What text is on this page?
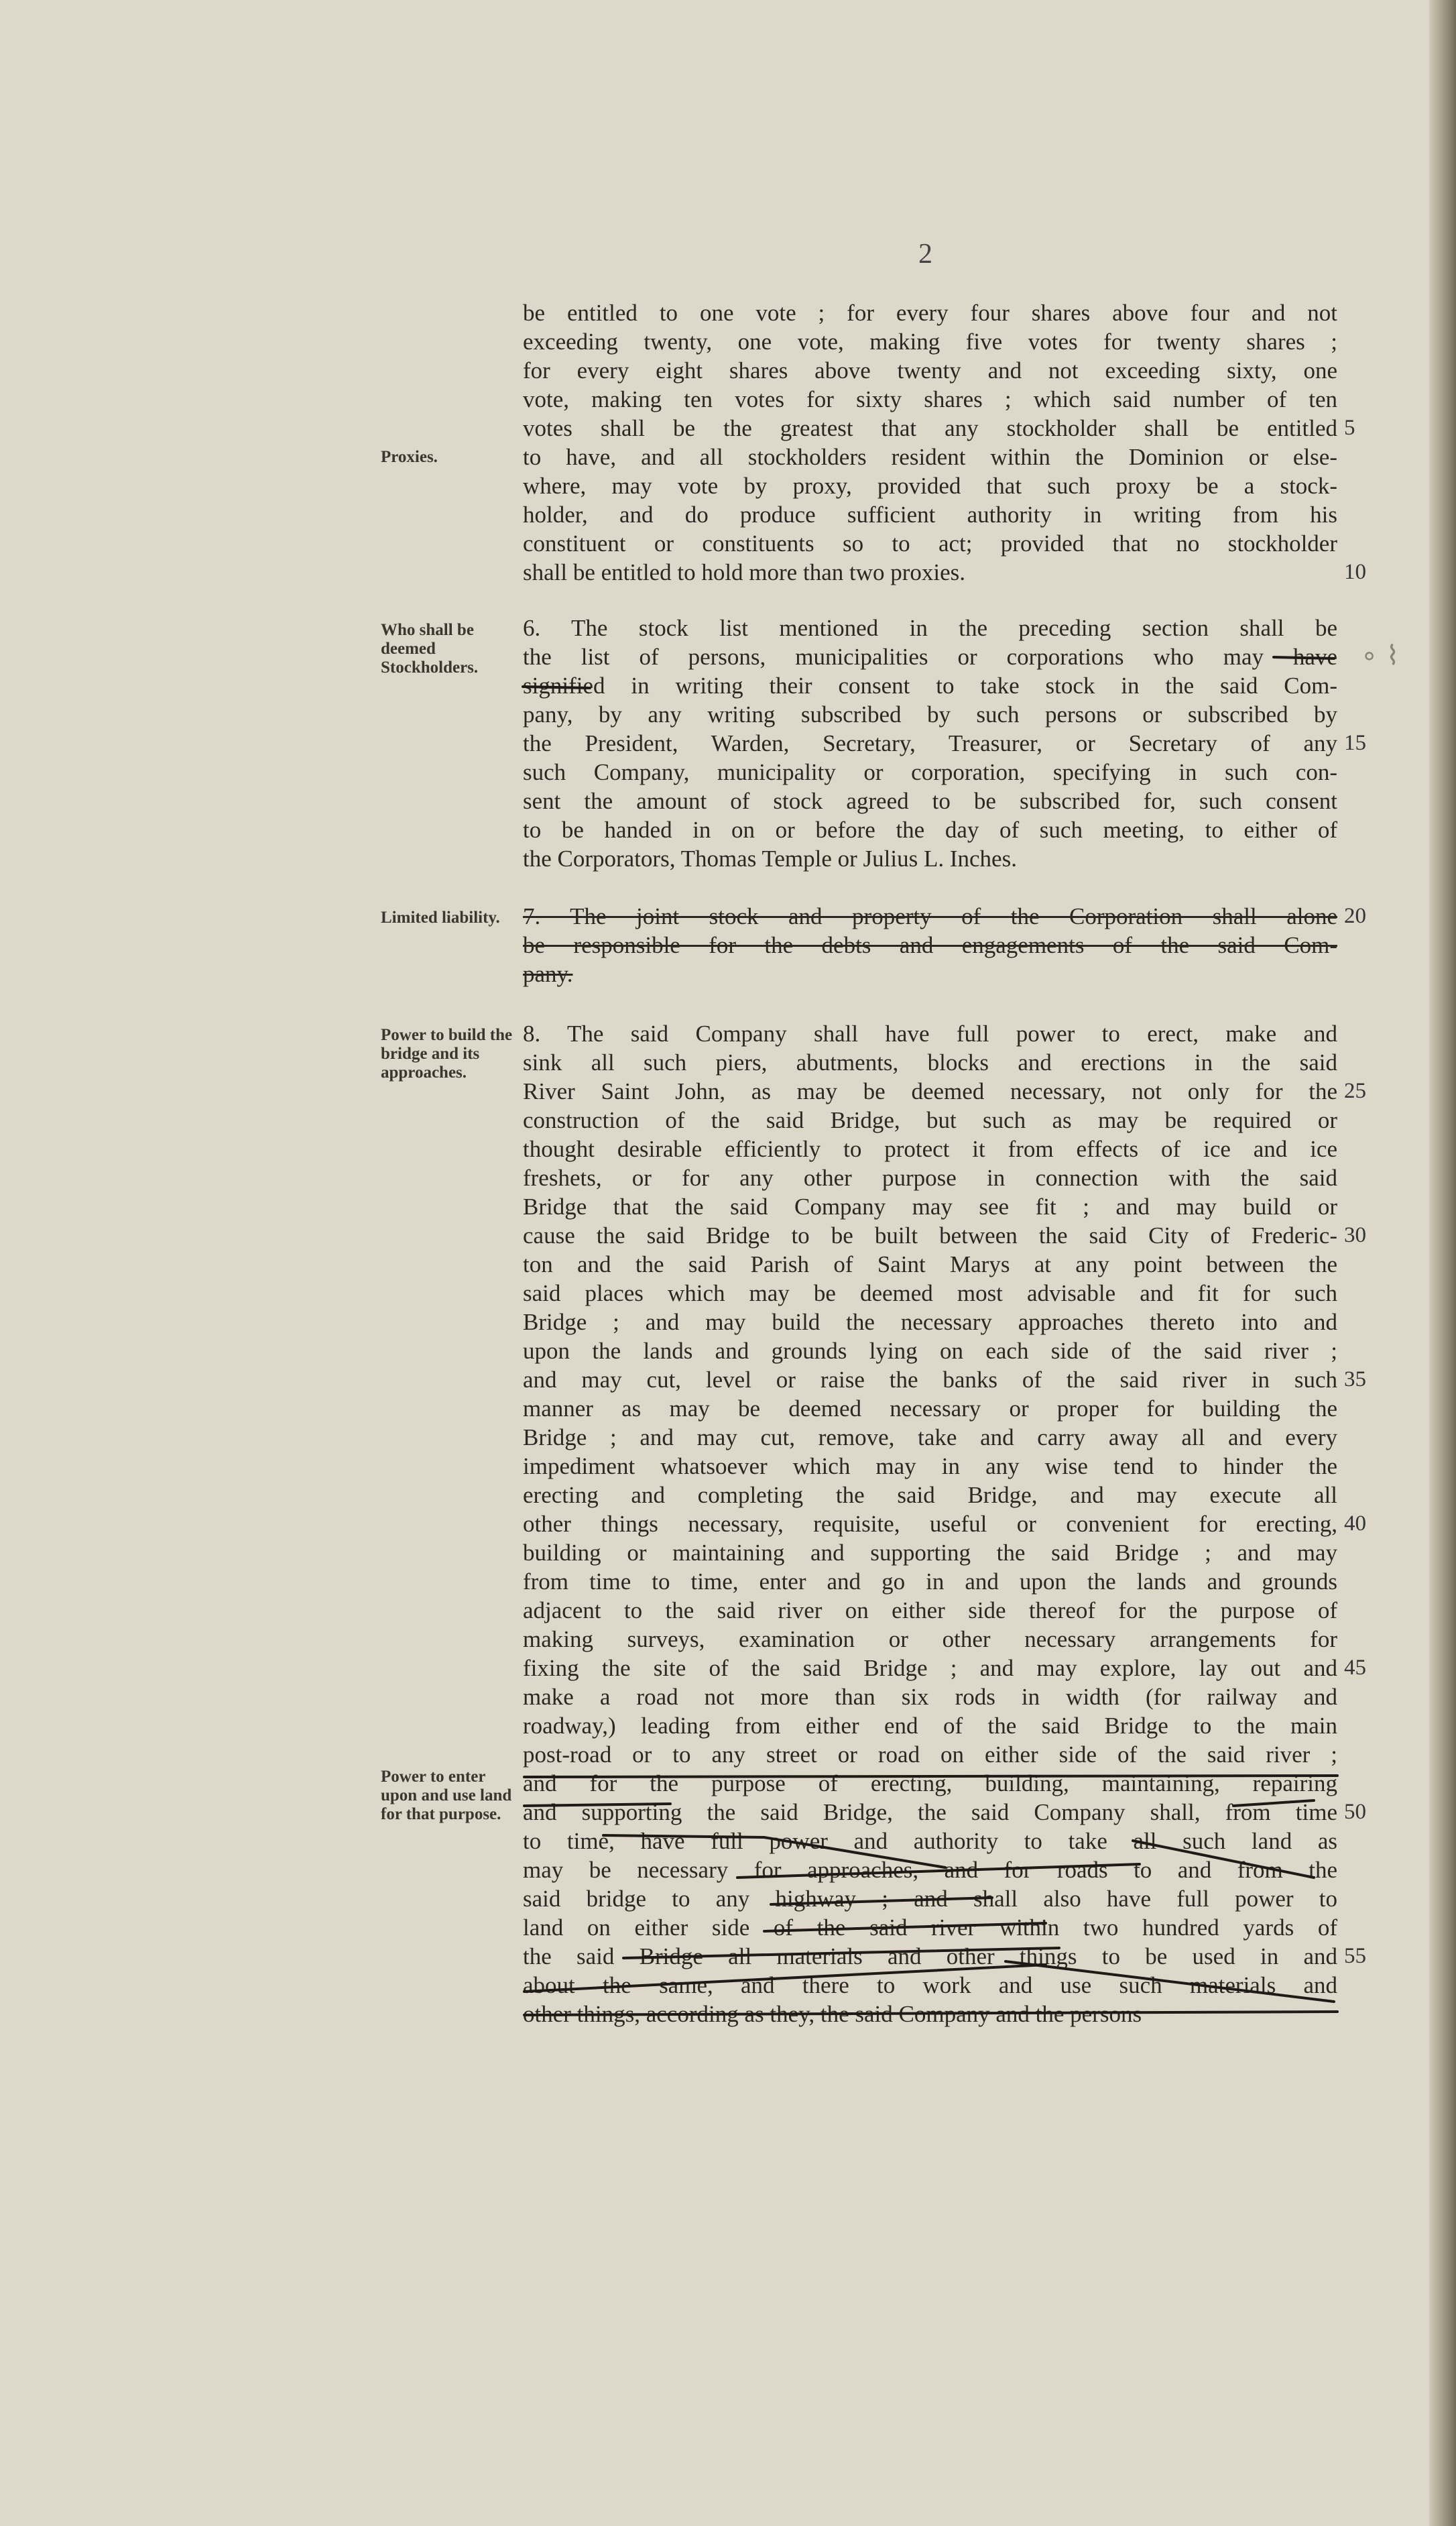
2
Proxies.
Who shall be deemed Stockholders.
Limited liability.
Power to build the bridge and its approaches.
Power to enter upon and use land for that purpose.
be entitled to one vote ; for every four shares above four and not
exceeding twenty, one vote, making five votes for twenty shares ;
for every eight shares above twenty and not exceeding sixty, one
vote, making ten votes for sixty shares ; which said number of ten
votes shall be the greatest that any stockholder shall be entitled 5
to have, and all stockholders resident within the Dominion or else-
where, may vote by proxy, provided that such proxy be a stock-
holder, and do produce sufficient authority in writing from his
constituent or constituents so to act; provided that no stockholder
shall be entitled to hold more than two proxies.	10
6. The stock list mentioned in the preceding section shall be
the list of persons, municipalities or corporations who may have
signified in writing their consent to take stock in the said Com-
pany, by any writing subscribed by such persons or subscribed by
the President, Warden, Secretary, Treasurer, or Secretary of any 15
such Company, municipality or corporation, specifying in such con-
sent the amount of stock agreed to be subscribed for, such consent
to be handed in on or before the day of such meeting, to either of
the Corporators, Thomas Temple or Julius L. Inches.
7. The joint stock and property of the Corporation shall alone 20
be responsible for the debts and engagements of the said Com-
pany.
8. The said Company shall have full power to erect, make and
sink all such piers, abutments, blocks and erections in the said
River Saint John, as may be deemed necessary, not only for the 25
construction of the said Bridge, but such as may be required or
thought desirable efficiently to protect it from effects of ice and ice
freshets, or for any other purpose in connection with the said
Bridge that the said Company may see fit ; and may build or
cause the said Bridge to be built between the said City of Frederic- 30
ton and the said Parish of Saint Marys at any point between the
said places which may be deemed most advisable and fit for such
Bridge ; and may build the necessary approaches thereto into and
upon the lands and grounds lying on each side of the said river ;
and may cut, level or raise the banks of the said river in such 35
manner as may be deemed necessary or proper for building the
Bridge ; and may cut, remove, take and carry away all and every
impediment whatsoever which may in any wise tend to hinder the
erecting and completing the said Bridge, and may execute all
other things necessary, requisite, useful or convenient for erecting, 40
building or maintaining and supporting the said Bridge ; and may
from time to time, enter and go in and upon the lands and grounds
adjacent to the said river on either side thereof for the purpose of
making surveys, examination or other necessary arrangements for
fixing the site of the said Bridge ; and may explore, lay out and 45
make a road not more than six rods in width (for railway and
roadway,) leading from either end of the said Bridge to the main
post-road or to any street or road on either side of the said river ;
and for the purpose of erecting, building, maintaining, repairing
and supporting the said Bridge, the said Company shall, from time 50
to time, have full power and authority to take all such land as
may be necessary for approaches, and for roads to and from the
said bridge to any highway ; and shall also have full power to
land on either side of the said river within two hundred yards of
the said Bridge all materials and other things to be used in and 55
about the same, and there to work and use such materials and
other things, according as they, the said Company and the persons
∘ ⌇
